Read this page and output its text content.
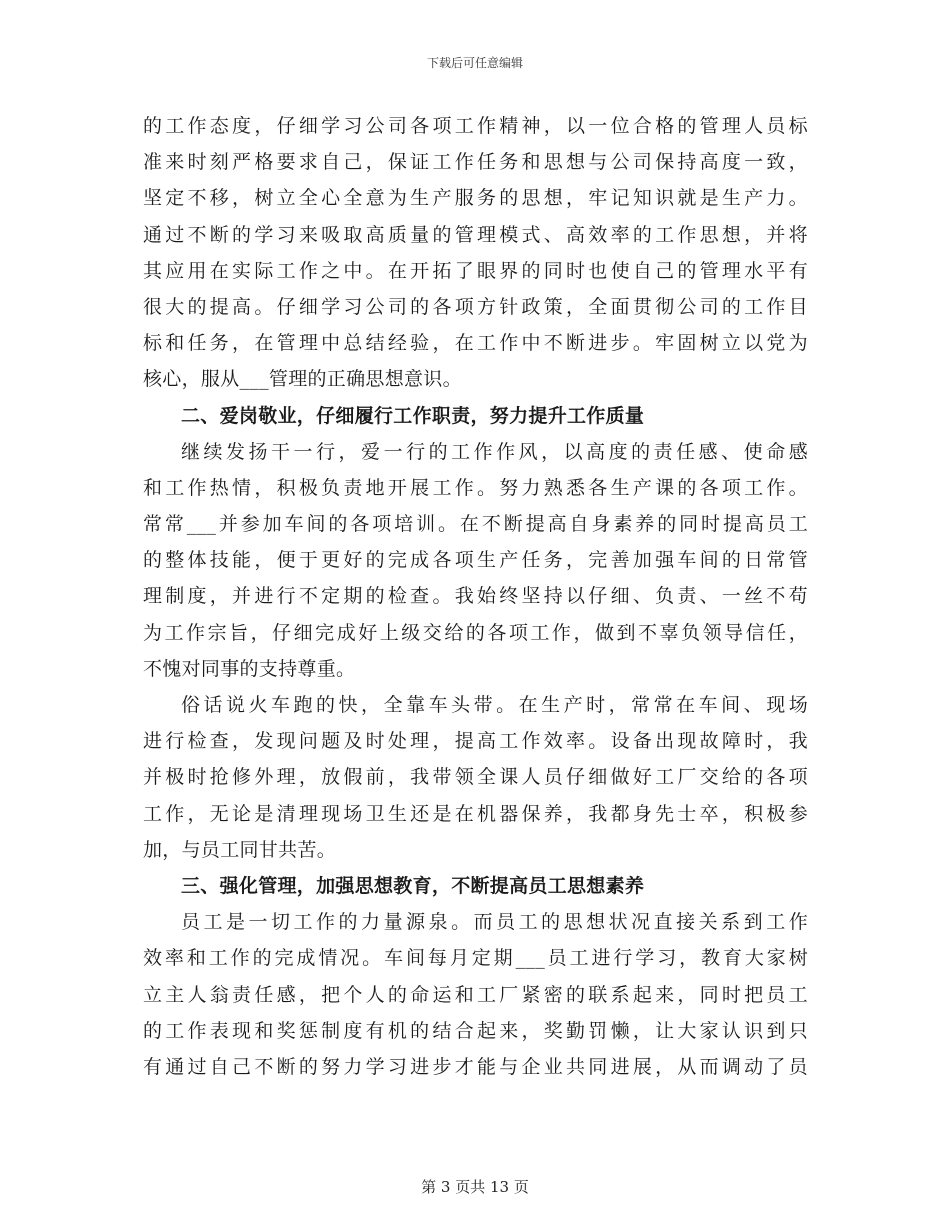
下载后可任意编辑
的工作态度，仔细学习公司各项工作精神，以一位合格的管理人员标
准来时刻严格要求自己，保证工作任务和思想与公司保持高度一致，
坚定不移，树立全心全意为生产服务的思想，牢记知识就是生产力。
通过不断的学习来吸取高质量的管理模式、高效率的工作思想，并将
其应用在实际工作之中。在开拓了眼界的同时也使自己的管理水平有
很大的提高。仔细学习公司的各项方针政策，全面贯彻公司的工作目
标和任务，在管理中总结经验，在工作中不断进步。牢固树立以党为
核心，服从___管理的正确思想意识。
二、爱岗敬业，仔细履行工作职责，努力提升工作质量
继续发扬干一行，爱一行的工作作风，以高度的责任感、使命感
和工作热情，积极负责地开展工作。努力熟悉各生产课的各项工作。
常常___并参加车间的各项培训。在不断提高自身素养的同时提高员工
的整体技能，便于更好的完成各项生产任务，完善加强车间的日常管
理制度，并进行不定期的检查。我始终坚持以仔细、负责、一丝不苟
为工作宗旨，仔细完成好上级交给的各项工作，做到不辜负领导信任，
不愧对同事的支持尊重。
俗话说火车跑的快，全靠车头带。在生产时，常常在车间、现场
进行检查，发现问题及时处理，提高工作效率。设备出现故障时，我
并极时抢修外理，放假前，我带领全课人员仔细做好工厂交给的各项
工作，无论是清理现场卫生还是在机器保养，我都身先士卒，积极参
加，与员工同甘共苦。
三、强化管理，加强思想教育，不断提高员工思想素养
员工是一切工作的力量源泉。而员工的思想状况直接关系到工作
效率和工作的完成情况。车间每月定期___员工进行学习，教育大家树
立主人翁责任感，把个人的命运和工厂紧密的联系起来，同时把员工
的工作表现和奖惩制度有机的结合起来，奖勤罚懒，让大家认识到只
有通过自己不断的努力学习进步才能与企业共同进展，从而调动了员
第 3 页共 13 页
